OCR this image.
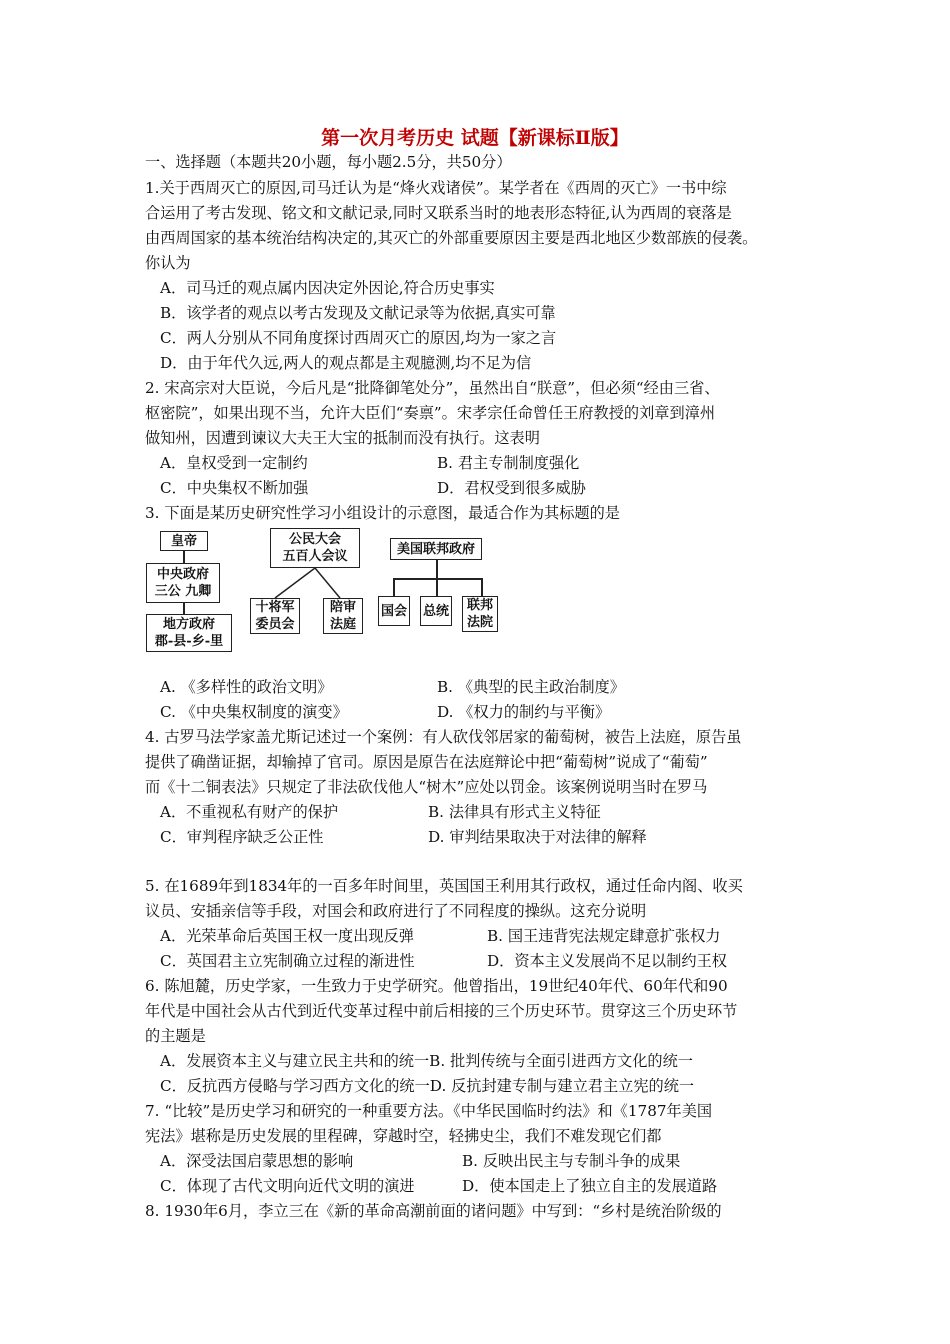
第一次月考历史 试题【新课标Ⅱ版】
一、选择题（本题共20小题，每小题2.5分，共50分）
1.关于西周灭亡的原因,司马迁认为是“烽火戏诸侯”。某学者在《西周的灭亡》一书中综
合运用了考古发现、铭文和文献记录,同时又联系当时的地表形态特征,认为西周的衰落是
由西周国家的基本统治结构决定的,其灭亡的外部重要原因主要是西北地区少数部族的侵袭。
你认为
A．司马迁的观点属内因决定外因论,符合历史事实
B．该学者的观点以考古发现及文献记录等为依据,真实可靠
C．两人分别从不同角度探讨西周灭亡的原因,均为一家之言
D．由于年代久远,两人的观点都是主观臆测,均不足为信
2. 宋高宗对大臣说，今后凡是“批降御笔处分”，虽然出自“朕意”，但必须“经由三省、
枢密院”，如果出现不当，允许大臣们“奏禀”。宋孝宗任命曾任王府教授的刘章到漳州
做知州，因遭到谏议大夫王大宝的抵制而没有执行。这表明
A．皇权受到一定制约	B. 君主专制制度强化
C．中央集权不断加强	D．君权受到很多威胁
3. 下面是某历史研究性学习小组设计的示意图，最适合作为其标题的是
皇帝
中央政府
三公 九卿
地方政府
郡-县-乡-里
公民大会
五百人会议
十将军
委员会
陪审
法庭
美国联邦政府
国会 总统 联邦
法院
A. 《多样性的政治文明》	B. 《典型的民主政治制度》
C. 《中央集权制度的演变》	D. 《权力的制约与平衡》
4. 古罗马法学家盖尤斯记述过一个案例：有人砍伐邻居家的葡萄树，被告上法庭，原告虽
提供了确凿证据，却输掉了官司。原因是原告在法庭辩论中把“葡萄树”说成了“葡萄”
而《十二铜表法》只规定了非法砍伐他人“树木”应处以罚金。该案例说明当时在罗马
A．不重视私有财产的保护	B. 法律具有形式主义特征
C．审判程序缺乏公正性	D. 审判结果取决于对法律的解释
5. 在1689年到1834年的一百多年时间里，英国国王利用其行政权，通过任命内阁、收买
议员、安插亲信等手段，对国会和政府进行了不同程度的操纵。这充分说明
A．光荣革命后英国王权一度出现反弹	B. 国王违背宪法规定肆意扩张权力
C．英国君主立宪制确立过程的渐进性	D．资本主义发展尚不足以制约王权
6. 陈旭麓，历史学家，一生致力于史学研究。他曾指出，19世纪40年代、60年代和90
年代是中国社会从古代到近代变革过程中前后相接的三个历史环节。贯穿这三个历史环节
的主题是
A．发展资本主义与建立民主共和的统一B. 批判传统与全面引进西方文化的统一
C．反抗西方侵略与学习西方文化的统一D. 反抗封建专制与建立君主立宪的统一
7. “比较”是历史学习和研究的一种重要方法。《中华民国临时约法》和《1787年美国
宪法》堪称是历史发展的里程碑，穿越时空，轻拂史尘，我们不难发现它们都
A．深受法国启蒙思想的影响	B. 反映出民主与专制斗争的成果
C．体现了古代文明向近代文明的演进	D．使本国走上了独立自主的发展道路
8. 1930年6月，李立三在《新的革命高潮前面的诸问题》中写到：“乡村是统治阶级的
